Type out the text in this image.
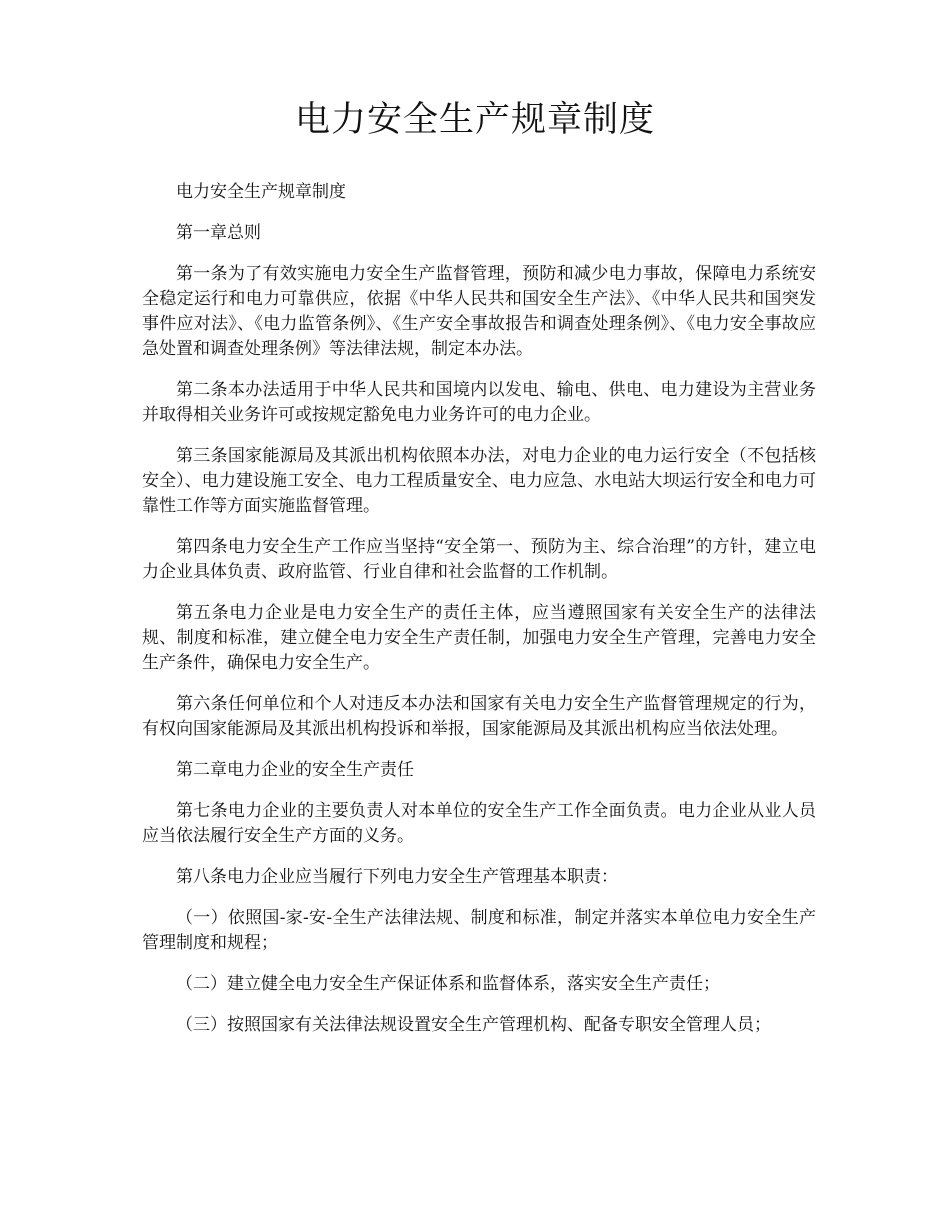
电力安全生产规章制度

电力安全生产规章制度

第一章总则

第一条为了有效实施电力安全生产监督管理，预防和减少电力事故，保障电力系统安全稳定运行和电力可靠供应，依据《中华人民共和国安全生产法》、《中华人民共和国突发事件应对法》、《电力监管条例》、《生产安全事故报告和调查处理条例》、《电力安全事故应急处置和调查处理条例》等法律法规，制定本办法。

第二条本办法适用于中华人民共和国境内以发电、输电、供电、电力建设为主营业务并取得相关业务许可或按规定豁免电力业务许可的电力企业。

第三条国家能源局及其派出机构依照本办法，对电力企业的电力运行安全（不包括核安全）、电力建设施工安全、电力工程质量安全、电力应急、水电站大坝运行安全和电力可靠性工作等方面实施监督管理。

第四条电力安全生产工作应当坚持“安全第一、预防为主、综合治理”的方针，建立电力企业具体负责、政府监管、行业自律和社会监督的工作机制。

第五条电力企业是电力安全生产的责任主体，应当遵照国家有关安全生产的法律法规、制度和标准，建立健全电力安全生产责任制，加强电力安全生产管理，完善电力安全生产条件，确保电力安全生产。

第六条任何单位和个人对违反本办法和国家有关电力安全生产监督管理规定的行为，有权向国家能源局及其派出机构投诉和举报，国家能源局及其派出机构应当依法处理。

第二章电力企业的安全生产责任

第七条电力企业的主要负责人对本单位的安全生产工作全面负责。电力企业从业人员应当依法履行安全生产方面的义务。

第八条电力企业应当履行下列电力安全生产管理基本职责：

（一）依照国-家-安-全生产法律法规、制度和标准，制定并落实本单位电力安全生产管理制度和规程；

（二）建立健全电力安全生产保证体系和监督体系，落实安全生产责任；

（三）按照国家有关法律法规设置安全生产管理机构、配备专职安全管理人员；
